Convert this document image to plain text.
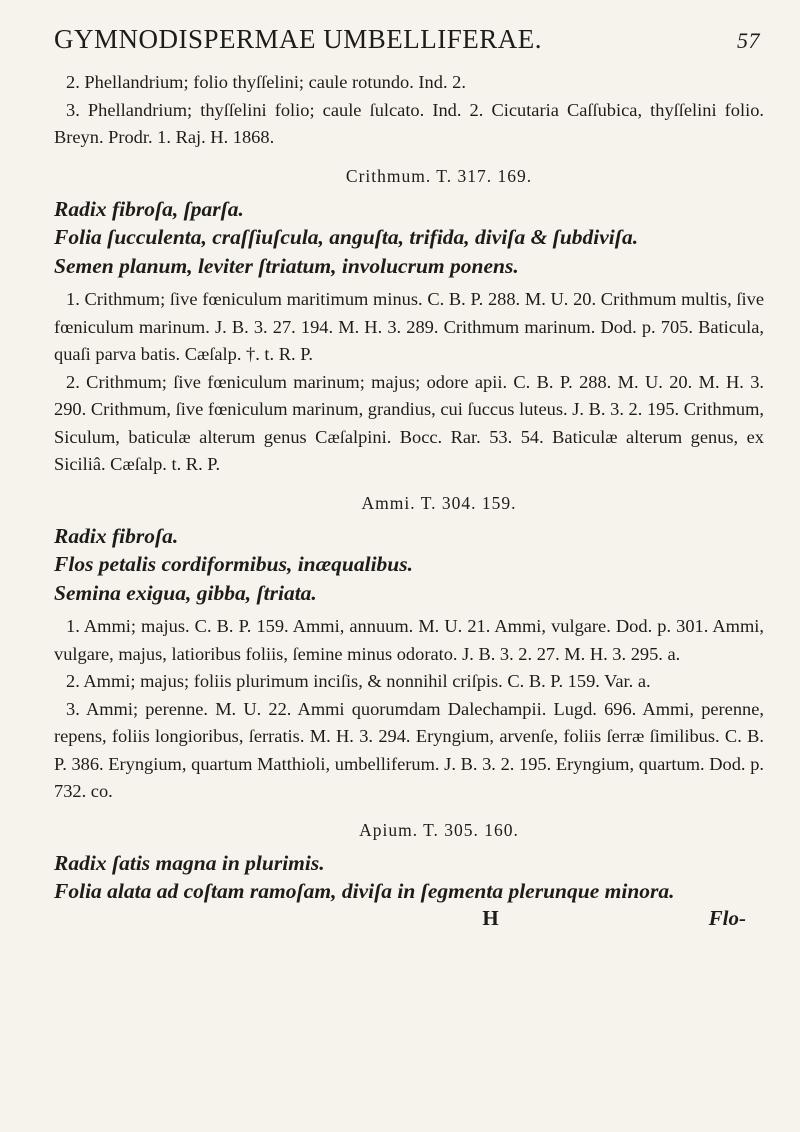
GYMNODISPERMAE UMBELLIFERAE.	57

2. Phellandrium; folio thyſſelini; caule rotundo. Ind. 2.

3. Phellandrium; thyſſelini folio; caule ſulcato. Ind. 2. Cicutaria Caſſubica, thyſſelini folio. Breyn. Prodr. 1. Raj. H. 1868.

Crithmum. T. 317. 169.

Radix fibroſa, ſparſa.

Folia ſucculenta, craſſiuſcula, anguſta, trifida, diviſa & ſubdiviſa.

Semen planum, leviter ſtriatum, involucrum ponens.

1. Crithmum; ſive fœniculum maritimum minus. C. B. P. 288. M. U. 20. Crithmum multis, ſive fœniculum marinum. J. B. 3. 27. 194. M. H. 3. 289. Crithmum marinum. Dod. p. 705. Baticula, quaſi parva batis. Cæſalp. †. t. R. P.

2. Crithmum; ſive fœniculum marinum; majus; odore apii. C. B. P. 288. M. U. 20. M. H. 3. 290. Crithmum, ſive fœniculum marinum, grandius, cui ſuccus luteus. J. B. 3. 2. 195. Crithmum, Siculum, baticulæ alterum genus Cæſalpini. Bocc. Rar. 53. 54. Baticulæ alterum genus, ex Siciliâ. Cæſalp. t. R. P.

Ammi. T. 304. 159.

Radix fibroſa.

Flos petalis cordiformibus, inæqualibus.

Semina exigua, gibba, ſtriata.

1. Ammi; majus. C. B. P. 159. Ammi, annuum. M. U. 21. Ammi, vulgare. Dod. p. 301. Ammi, vulgare, majus, latioribus foliis, ſemine minus odorato. J. B. 3. 2. 27. M. H. 3. 295. a.

2. Ammi; majus; foliis plurimum inciſis, & nonnihil criſpis. C. B. P. 159. Var. a.

3. Ammi; perenne. M. U. 22. Ammi quorumdam Dalechampii. Lugd. 696. Ammi, perenne, repens, foliis longioribus, ſerratis. M. H. 3. 294. Eryngium, arvenſe, foliis ſerræ ſimilibus. C. B. P. 386. Eryngium, quartum Matthioli, umbelliferum. J. B. 3. 2. 195. Eryngium, quartum. Dod. p. 732. co.

Apium. T. 305. 160.

Radix ſatis magna in plurimis.

Folia alata ad coſtam ramoſam, diviſa in ſegmenta plerunque minora.

H	Flo-
